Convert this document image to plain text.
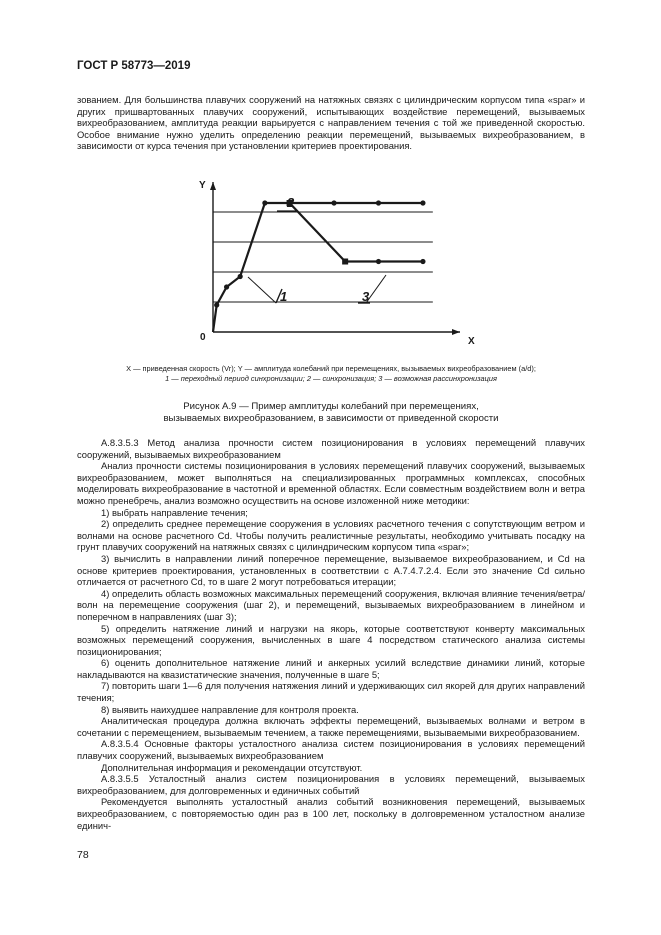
ГОСТ Р 58773—2019

зованием. Для большинства плавучих сооружений на натяжных связях с цилиндрическим корпусом типа «spar» и других пришвартованных плавучих сооружений, испытывающих воздействие перемещений, вызываемых вихреобразованием, амплитуда реакции варьируется с направлением течения с той же приведенной скоростью. Особое внимание нужно уделить определению реакции перемещений, вызываемых вихреобразованием, в зависимости от курса течения при установлении критериев проектирования.

Y
X
0
1
2
3
X — приведенная скорость (Vr); Y — амплитуда колебаний при перемещениях, вызываемых вихреобразованием (a/d);
1 — переходный период синхронизации; 2 — синхронизация; 3 — возможная рассинхронизация
Рисунок А.9 — Пример амплитуды колебаний при перемещениях,
вызываемых вихреобразованием, в зависимости от приведенной скорости

А.8.3.5.3 Метод анализа прочности систем позиционирования в условиях перемещений плавучих сооружений, вызываемых вихреобразованием

Анализ прочности системы позиционирования в условиях перемещений плавучих сооружений, вызываемых вихреобразованием, может выполняться на специализированных программных комплексах, способных моделировать вихреобразование в частотной и временной областях. Если совместным воздействием волн и ветра можно пренебречь, анализ возможно осуществить на основе изложенной ниже методики:

1) выбрать направление течения;

2) определить среднее перемещение сооружения в условиях расчетного течения с сопутствующим ветром и волнами на основе расчетного Cd. Чтобы получить реалистичные результаты, необходимо учитывать посадку на грунт плавучих сооружений на натяжных связях с цилиндрическим корпусом типа «spar»;

3) вычислить в направлении линий поперечное перемещение, вызываемое вихреобразованием, и Cd на основе критериев проектирования, установленных в соответствии с А.7.4.7.2.4. Если это значение Cd сильно отличается от расчетного Cd, то в шаге 2 могут потребоваться итерации;

4) определить область возможных максимальных перемещений сооружения, включая влияние течения/ветра/волн на перемещение сооружения (шаг 2), и перемещений, вызываемых вихреобразованием в линейном и поперечном в направлениях (шаг 3);

5) определить натяжение линий и нагрузки на якорь, которые соответствуют конверту максимальных возможных перемещений сооружения, вычисленных в шаге 4 посредством статического анализа системы позиционирования;

6) оценить дополнительное натяжение линий и анкерных усилий вследствие динамики линий, которые накладываются на квазистатические значения, полученные в шаге 5;

7) повторить шаги 1—6 для получения натяжения линий и удерживающих сил якорей для других направлений течения;

8) выявить наихудшее направление для контроля проекта.

Аналитическая процедура должна включать эффекты перемещений, вызываемых волнами и ветром в сочетании с перемещением, вызываемым течением, а также перемещениями, вызываемыми вихреобразованием.

А.8.3.5.4 Основные факторы усталостного анализа систем позиционирования в условиях перемещений плавучих сооружений, вызываемых вихреобразованием

Дополнительная информация и рекомендации отсутствуют.

А.8.3.5.5 Усталостный анализ систем позиционирования в условиях перемещений, вызываемых вихреобразованием, для долговременных и единичных событий

Рекомендуется выполнять усталостный анализ событий возникновения перемещений, вызываемых вихреобразованием, с повторяемостью один раз в 100 лет, поскольку в долговременном усталостном анализе единич-

78
